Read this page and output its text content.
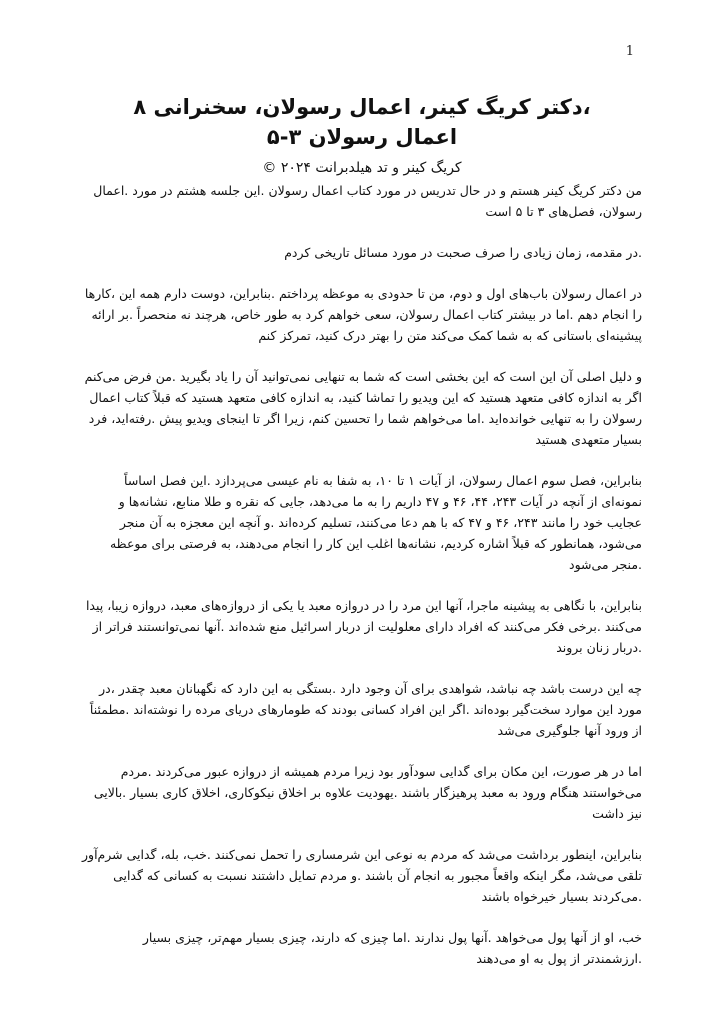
1

،دکتر کریگ کینر، اعمال رسولان، سخنرانی ۸

اعمال رسولان ۳-۵

کریگ کینر و تد هیلدبرانت ۲۰۲۴ ©

من دکتر کریگ کینر هستم و در حال تدریس در مورد کتاب اعمال رسولان .این جلسه هشتم در مورد .اعمال رسولان، فصل‌های ۳ تا ۵ است

.در مقدمه، زمان زیادی را صرف صحبت در مورد مسائل تاریخی کردم

در اعمال رسولان باب‌های اول و دوم، من تا حدودی به موعظه پرداختم .بنابراین، دوست دارم همه این ،کارها را انجام دهم .اما در بیشتر کتاب اعمال رسولان، سعی خواهم کرد به طور خاص، هرچند نه منحصراً .بر ارائه پیشینه‌ای باستانی که به شما کمک می‌کند متن را بهتر درک کنید، تمرکز کنم

و دلیل اصلی آن این است که این بخشی است که شما به تنهایی نمی‌توانید آن را یاد بگیرید .من فرض می‌کنم اگر به اندازه کافی متعهد هستید که این ویدیو را تماشا کنید، به اندازه کافی متعهد هستید که قبلاً کتاب اعمال رسولان را به تنهایی خوانده‌اید .اما می‌خواهم شما را تحسین کنم، زیرا اگر تا اینجای ویدیو پیش .رفته‌اید، فرد بسیار متعهدی هستید

بنابراین، فصل سوم اعمال رسولان، از آیات ۱ تا ۱۰، به شفا به نام عیسی می‌پردازد .این فصل اساساً نمونه‌ای از آنچه در آیات ۲۴۳، ۴۴، ۴۶ و ۴۷ داریم را به ما می‌دهد، جایی که نقره و طلا منابع، نشانه‌ها و عجایب خود را مانند ۲۴۳، ۴۶ و ۴۷ که با هم دعا می‌کنند، تسلیم کرده‌اند .و آنچه این معجزه به آن منجر می‌شود، همانطور که قبلاً اشاره کردیم، نشانه‌ها اغلب این کار را انجام می‌دهند، به فرصتی برای موعظه .منجر می‌شود

بنابراین، با نگاهی به پیشینه ماجرا، آنها این مرد را در دروازه معبد یا یکی از دروازه‌های معبد، دروازه زیبا، پیدا می‌کنند .برخی فکر می‌کنند که افراد دارای معلولیت از دربار اسرائیل منع شده‌اند .آنها نمی‌توانستند فراتر از .دربار زنان بروند

چه این درست باشد چه نباشد، شواهدی برای آن وجود دارد .بستگی به این دارد که نگهبانان معبد چقدر ،در مورد این موارد سخت‌گیر بوده‌اند .اگر این افراد کسانی بودند که طومارهای دریای مرده را نوشته‌اند .مطمئناً از ورود آنها جلوگیری می‌شد

اما در هر صورت، این مکان برای گدایی سودآور بود زیرا مردم همیشه از دروازه عبور می‌کردند .مردم می‌خواستند هنگام ورود به معبد پرهیزگار باشند .یهودیت علاوه بر اخلاق نیکوکاری، اخلاق کاری بسیار .بالایی نیز داشت

بنابراین، اینطور برداشت می‌شد که مردم به نوعی این شرمساری را تحمل نمی‌کنند .خب، بله، گدایی شرم‌آور تلقی می‌شد، مگر اینکه واقعاً مجبور به انجام آن باشند .و مردم تمایل داشتند نسبت به کسانی که گدایی .می‌کردند بسیار خیرخواه باشند

خب، او از آنها پول می‌خواهد .آنها پول ندارند .اما چیزی که دارند، چیزی بسیار مهم‌تر، چیزی بسیار .ارزشمندتر از پول به او می‌دهند
